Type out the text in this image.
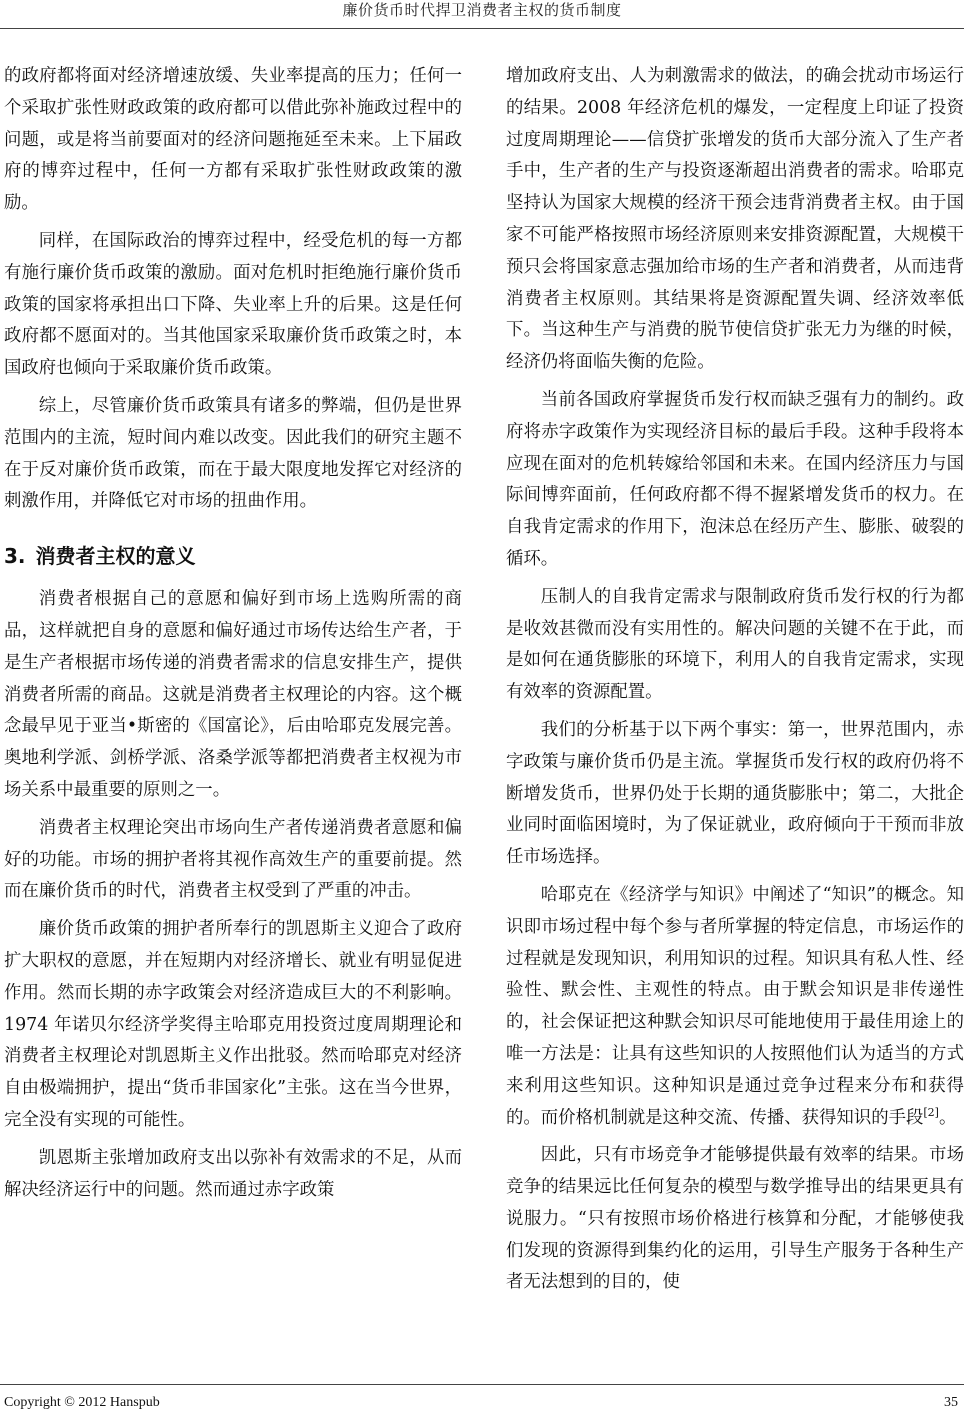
廉价货币时代捍卫消费者主权的货币制度

的政府都将面对经济增速放缓、失业率提高的压力；任何一个采取扩张性财政政策的政府都可以借此弥补施政过程中的问题，或是将当前要面对的经济问题拖延至未来。上下届政府的博弈过程中，任何一方都有采取扩张性财政政策的激励。

同样，在国际政治的博弈过程中，经受危机的每一方都有施行廉价货币政策的激励。面对危机时拒绝施行廉价货币政策的国家将承担出口下降、失业率上升的后果。这是任何政府都不愿面对的。当其他国家采取廉价货币政策之时，本国政府也倾向于采取廉价货币政策。

综上，尽管廉价货币政策具有诸多的弊端，但仍是世界范围内的主流，短时间内难以改变。因此我们的研究主题不在于反对廉价货币政策，而在于最大限度地发挥它对经济的刺激作用，并降低它对市场的扭曲作用。

3. 消费者主权的意义

消费者根据自己的意愿和偏好到市场上选购所需的商品，这样就把自身的意愿和偏好通过市场传达给生产者，于是生产者根据市场传递的消费者需求的信息安排生产，提供消费者所需的商品。这就是消费者主权理论的内容。这个概念最早见于亚当•斯密的《国富论》，后由哈耶克发展完善。奥地利学派、剑桥学派、洛桑学派等都把消费者主权视为市场关系中最重要的原则之一。

消费者主权理论突出市场向生产者传递消费者意愿和偏好的功能。市场的拥护者将其视作高效生产的重要前提。然而在廉价货币的时代，消费者主权受到了严重的冲击。

廉价货币政策的拥护者所奉行的凯恩斯主义迎合了政府扩大职权的意愿，并在短期内对经济增长、就业有明显促进作用。然而长期的赤字政策会对经济造成巨大的不利影响。1974 年诺贝尔经济学奖得主哈耶克用投资过度周期理论和消费者主权理论对凯恩斯主义作出批驳。然而哈耶克对经济自由极端拥护，提出“货币非国家化”主张。这在当今世界，完全没有实现的可能性。

凯恩斯主张增加政府支出以弥补有效需求的不足，从而解决经济运行中的问题。然而通过赤字政策

增加政府支出、人为刺激需求的做法，的确会扰动市场运行的结果。2008 年经济危机的爆发，一定程度上印证了投资过度周期理论——信贷扩张增发的货币大部分流入了生产者手中，生产者的生产与投资逐渐超出消费者的需求。哈耶克坚持认为国家大规模的经济干预会违背消费者主权。由于国家不可能严格按照市场经济原则来安排资源配置，大规模干预只会将国家意志强加给市场的生产者和消费者，从而违背消费者主权原则。其结果将是资源配置失调、经济效率低下。当这种生产与消费的脱节使信贷扩张无力为继的时候，经济仍将面临失衡的危险。

当前各国政府掌握货币发行权而缺乏强有力的制约。政府将赤字政策作为实现经济目标的最后手段。这种手段将本应现在面对的危机转嫁给邻国和未来。在国内经济压力与国际间博弈面前，任何政府都不得不握紧增发货币的权力。在自我肯定需求的作用下，泡沫总在经历产生、膨胀、破裂的循环。

压制人的自我肯定需求与限制政府货币发行权的行为都是收效甚微而没有实用性的。解决问题的关键不在于此，而是如何在通货膨胀的环境下，利用人的自我肯定需求，实现有效率的资源配置。

我们的分析基于以下两个事实：第一，世界范围内，赤字政策与廉价货币仍是主流。掌握货币发行权的政府仍将不断增发货币，世界仍处于长期的通货膨胀中；第二，大批企业同时面临困境时，为了保证就业，政府倾向于干预而非放任市场选择。

哈耶克在《经济学与知识》中阐述了“知识”的概念。知识即市场过程中每个参与者所掌握的特定信息，市场运作的过程就是发现知识，利用知识的过程。知识具有私人性、经验性、默会性、主观性的特点。由于默会知识是非传递性的，社会保证把这种默会知识尽可能地使用于最佳用途上的唯一方法是：让具有这些知识的人按照他们认为适当的方式来利用这些知识。这种知识是通过竞争过程来分布和获得的。而价格机制就是这种交流、传播、获得知识的手段[2]。

因此，只有市场竞争才能够提供最有效率的结果。市场竞争的结果远比任何复杂的模型与数学推导出的结果更具有说服力。“只有按照市场价格进行核算和分配，才能够使我们发现的资源得到集约化的运用，引导生产服务于各种生产者无法想到的目的，使

Copyright © 2012 Hanspub	35
